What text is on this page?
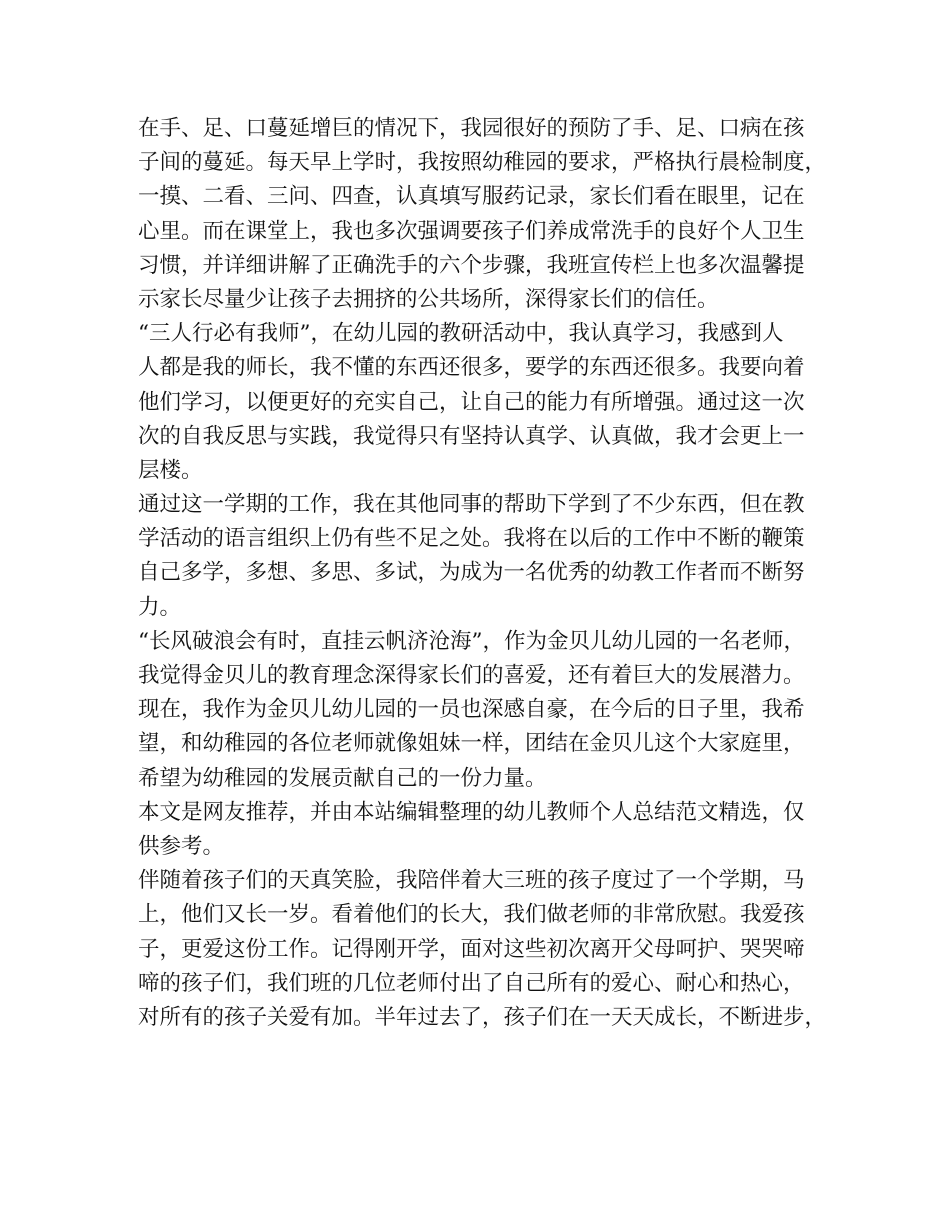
在手、足、口蔓延增巨的情况下，我园很好的预防了手、足、口病在孩
子间的蔓延。每天早上学时，我按照幼稚园的要求，严格执行晨检制度，
一摸、二看、三问、四查，认真填写服药记录，家长们看在眼里，记在
心里。而在课堂上，我也多次强调要孩子们养成常洗手的良好个人卫生
习惯，并详细讲解了正确洗手的六个步骤，我班宣传栏上也多次温馨提
示家长尽量少让孩子去拥挤的公共场所，深得家长们的信任。
“三人行必有我师”，在幼儿园的教研活动中，我认真学习，我感到人
人都是我的师长，我不懂的东西还很多，要学的东西还很多。我要向着
他们学习，以便更好的充实自己，让自己的能力有所增强。通过这一次
次的自我反思与实践，我觉得只有坚持认真学、认真做，我才会更上一
层楼。
通过这一学期的工作，我在其他同事的帮助下学到了不少东西，但在教
学活动的语言组织上仍有些不足之处。我将在以后的工作中不断的鞭策
自己多学，多想、多思、多试，为成为一名优秀的幼教工作者而不断努
力。
“长风破浪会有时，直挂云帆济沧海”，作为金贝儿幼儿园的一名老师，
我觉得金贝儿的教育理念深得家长们的喜爱，还有着巨大的发展潜力。
现在，我作为金贝儿幼儿园的一员也深感自豪，在今后的日子里，我希
望，和幼稚园的各位老师就像姐妹一样，团结在金贝儿这个大家庭里，
希望为幼稚园的发展贡献自己的一份力量。
本文是网友推荐，并由本站编辑整理的幼儿教师个人总结范文精选，仅
供参考。
伴随着孩子们的天真笑脸，我陪伴着大三班的孩子度过了一个学期，马
上，他们又长一岁。看着他们的长大，我们做老师的非常欣慰。我爱孩
子，更爱这份工作。记得刚开学，面对这些初次离开父母呵护、哭哭啼
啼的孩子们，我们班的几位老师付出了自己所有的爱心、耐心和热心，
对所有的孩子关爱有加。半年过去了，孩子们在一天天成长，不断进步，
